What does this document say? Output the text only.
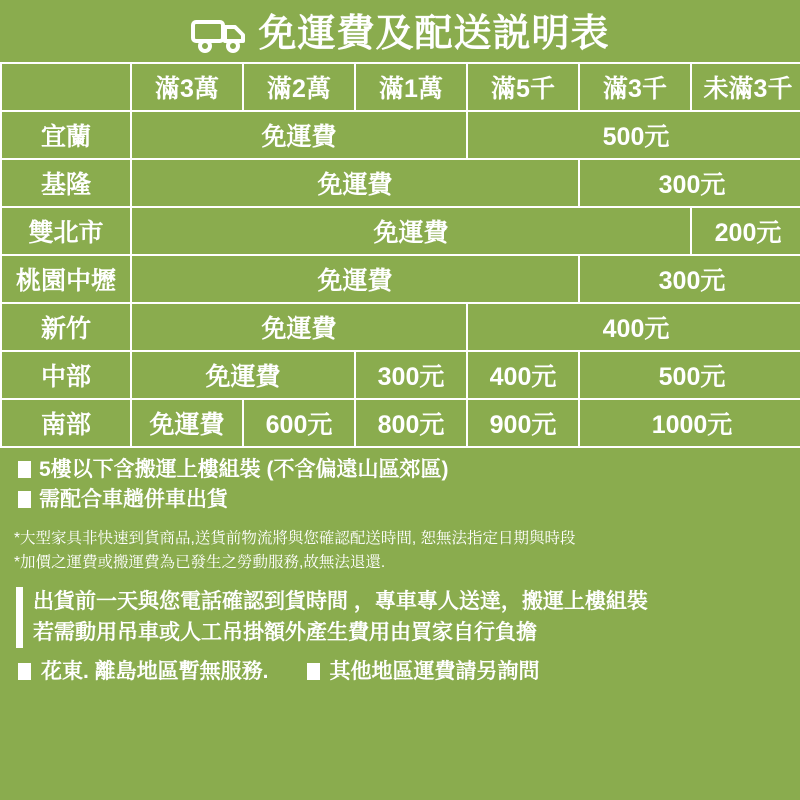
免運費及配送説明表
	滿3萬	滿2萬	滿1萬	滿5千	滿3千	未滿3千
宜蘭	免運費			500元		
基隆	免運費				300元	
雙北市	免運費					200元
桃園中壢	免運費				300元	
新竹	免運費			400元		
中部	免運費		300元	400元	500元	
南部	免運費	600元	800元	900元	1000元	
5樓以下含搬運上樓組裝 (不含偏遠山區郊區)
需配合車趟併車出貨
*大型家具非快速到貨商品,送貨前物流將與您確認配送時間, 恕無法指定日期與時段
*加價之運費或搬運費為已發生之勞動服務,故無法退還.
出貨前一天與您電話確認到貨時間 ，專車專人送達，搬運上樓組裝
若需動用吊車或人工吊掛額外產生費用由買家自行負擔
花東. 離島地區暫無服務.	其他地區運費請另詢問
